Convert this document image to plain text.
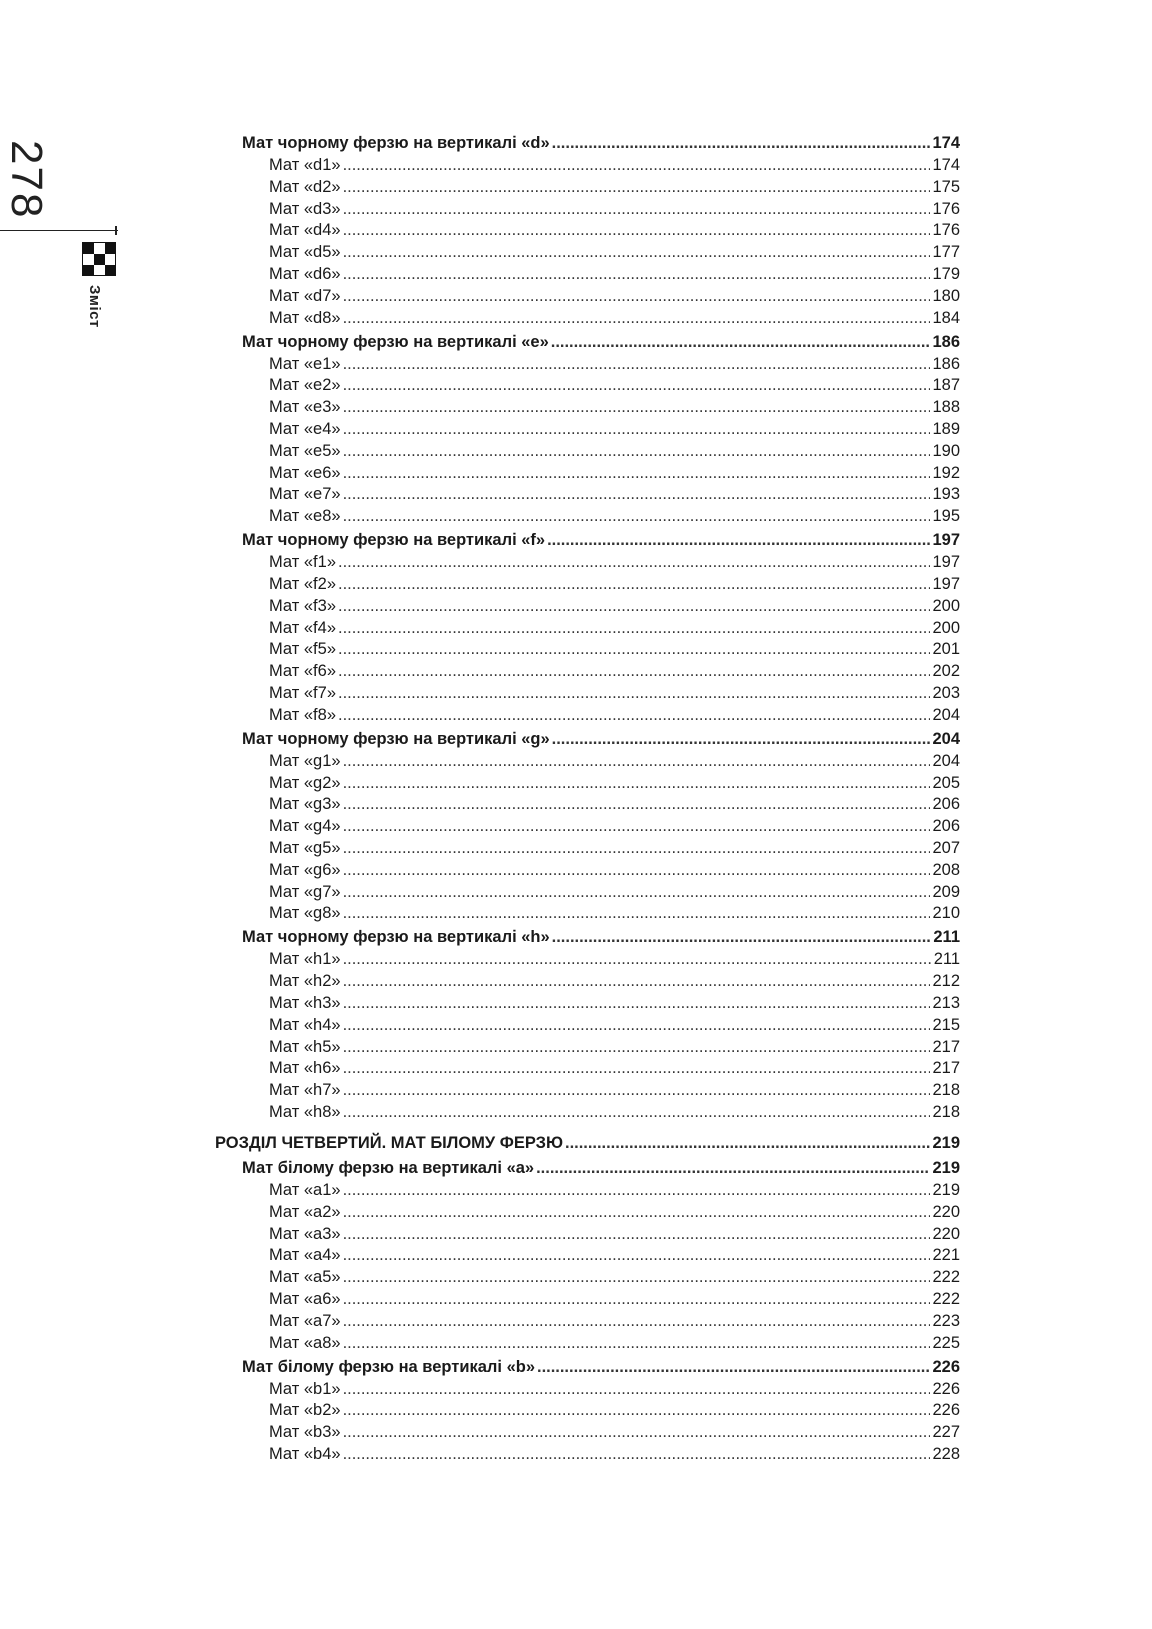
278
Зміст
Мат чорному ферзю на вертикалі «d» . . .	174
Мат «d1» . . .	174
Мат «d2» . . .	175
Мат «d3» . . .	176
Мат «d4» . . .	176
Мат «d5» . . .	177
Мат «d6» . . .	179
Мат «d7» . . .	180
Мат «d8» . . .	184
Мат чорному ферзю на вертикалі «e» . . .	186
Мат «e1» . . .	186
Мат «e2» . . .	187
Мат «e3» . . .	188
Мат «e4» . . .	189
Мат «e5» . . .	190
Мат «e6» . . .	192
Мат «e7» . . .	193
Мат «e8» . . .	195
Мат чорному ферзю на вертикалі «f» . . .	197
Мат «f1» . . .	197
Мат «f2» . . .	197
Мат «f3» . . .	200
Мат «f4» . . .	200
Мат «f5» . . .	201
Мат «f6» . . .	202
Мат «f7» . . .	203
Мат «f8» . . .	204
Мат чорному ферзю на вертикалі «g» . . .	204
Мат «g1» . . .	204
Мат «g2» . . .	205
Мат «g3» . . .	206
Мат «g4» . . .	206
Мат «g5» . . .	207
Мат «g6» . . .	208
Мат «g7» . . .	209
Мат «g8» . . .	210
Мат чорному ферзю на вертикалі «h» . . .	211
Мат «h1» . . .	211
Мат «h2» . . .	212
Мат «h3» . . .	213
Мат «h4» . . .	215
Мат «h5» . . .	217
Мат «h6» . . .	217
Мат «h7» . . .	218
Мат «h8» . . .	218
РОЗДІЛ ЧЕТВЕРТИЙ. МАТ БІЛОМУ ФЕРЗЮ . . .	219
Мат білому ферзю на вертикалі «a» . . .	219
Мат «a1» . . .	219
Мат «a2» . . .	220
Мат «a3» . . .	220
Мат «a4» . . .	221
Мат «a5» . . .	222
Мат «a6» . . .	222
Мат «a7» . . .	223
Мат «a8» . . .	225
Мат білому ферзю на вертикалі «b» . . .	226
Мат «b1» . . .	226
Мат «b2» . . .	226
Мат «b3» . . .	227
Мат «b4» . . .	228
